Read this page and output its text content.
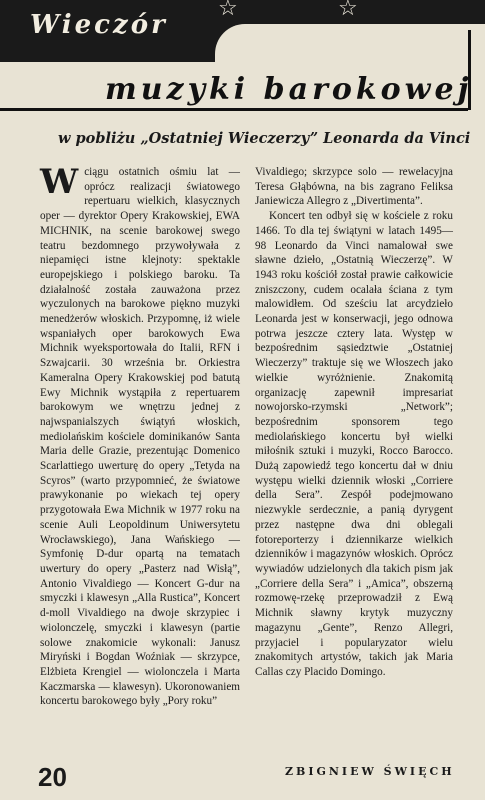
Wieczór
☆	☆
muzyki barokowej
w pobliżu „Ostatniej Wieczerzy” Leonarda da Vinci
W ciągu ostatnich ośmiu lat — oprócz realizacji światowego repertuaru wielkich, klasycznych oper — dyrektor Opery Krakowskiej, EWA MICHNIK, na scenie barokowej swego teatru bezdomnego przywoływała z niepamięci istne klejnoty: spektakle europejskiego i polskiego baroku. Ta działalność została zauważona przez wyczulonych na barokowe piękno muzyki menedżerów włoskich. Przypomnę, iż wiele wspaniałych oper barokowych Ewa Michnik wyeksportowała do Italii, RFN i Szwajcarii. 30 września br. Orkiestra Kameralna Opery Krakowskiej pod batutą Ewy Michnik wystąpiła z repertuarem barokowym we wnętrzu jednej z najwspanialszych świątyń włoskich, mediolańskim kościele dominikanów Santa Maria delle Grazie, prezentując Domenico Scarlattiego uwerturę do opery „Tetyda na Scyros” (warto przypomnieć, że światowe prawykonanie po wiekach tej opery przygotowała Ewa Michnik w 1977 roku na scenie Auli Leopoldinum Uniwersytetu Wrocławskiego), Jana Wańskiego — Symfonię D-dur opartą na tematach uwertury do opery „Pasterz nad Wisłą”, Antonio Vivaldiego — Koncert G-dur na smyczki i klawesyn „Alla Rustica”, Koncert d-moll Vivaldiego na dwoje skrzypiec i wiolonczelę, smyczki i klawesyn (partie solowe znakomicie wykonali: Janusz Miryński i Bogdan Woźniak — skrzypce, Elżbieta Krengiel — wiolonczela i Marta Kaczmarska — klawesyn). Ukoronowaniem koncertu barokowego były „Pory roku”

Vivaldiego; skrzypce solo — rewelacyjna Teresa Głąbówna, na bis zagrano Feliksa Janiewicza Allegro z „Divertimenta”.

Koncert ten odbył się w kościele z roku 1466. To dla tej świątyni w latach 1495—98 Leonardo da Vinci namalował swe sławne dzieło, „Ostatnią Wieczerzę”. W 1943 roku kościół został prawie całkowicie zniszczony, cudem ocalała ściana z tym malowidłem. Od sześciu lat arcydzieło Leonarda jest w konserwacji, jego odnowa potrwa jeszcze cztery lata. Występ w bezpośrednim sąsiedztwie „Ostatniej Wieczerzy” traktuje się we Włoszech jako wielkie wyróżnienie. Znakomitą organizację zapewnił impresariat nowojorsko-rzymski „Network”; bezpośrednim sponsorem tego mediolańskiego koncertu był wielki miłośnik sztuki i muzyki, Rocco Barocco. Dużą zapowiedź tego koncertu dał w dniu występu wielki dziennik włoski „Corriere della Sera”. Zespół podejmowano niezwykle serdecznie, a panią dyrygent przez następne dwa dni oblegali fotoreporterzy i dziennikarze wielkich dzienników i magazynów włoskich. Oprócz wywiadów udzielonych dla takich pism jak „Corriere della Sera” i „Amica”, obszerną rozmowę-rzekę przeprowadził z Ewą Michnik sławny krytyk muzyczny magazynu „Gente”, Renzo Allegri, przyjaciel i popularyzator wielu znakomitych artystów, takich jak Maria Callas czy Placido Domingo.

ZBIGNIEW ŚWIĘCH
20
